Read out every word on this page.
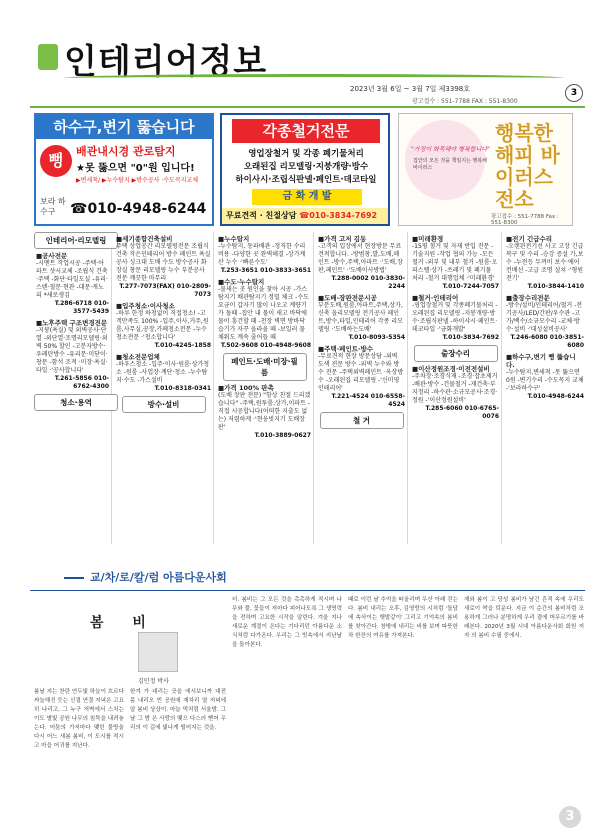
인테리어정보
2023년 3월 6일 ~ 3월 7일 제3398호
광고접수 : 551-7788 FAX : 551-8300
3
하수구,변기 뚫습니다
뻥	배관내시경 관로탐지
★못 뚫으면 "0"원 입니다!
▶변세척/ ▶누수탐지 ▶방수공사 ·수도꼭지교체
보라 하수구	☎010-4948-6244
각종철거전문
영업장철거 및 각종 폐기물처리
오래된집 리모델링·지붕개량·방수
하이사시·조립식판넬·페인트·데코타일
금 화 개 발
무료견적 · 친절상담 ☎010-3834-7692
"가정이 화목해야 행복합니다"
집안의 모든 것을 책임지는 행복해바이러스
행복한 해피 바이러스 전소
광고접수 : 551-7788 Fax : 551-8300
인테리어·리모델링
■공사전문
-시멘트 작업시공 -주택·아파트 샷시교체 -조립식 건축·주택 -화단·타일도실 -유리·스텐·철문·현관 -대문·캐노피 *새로생김
T.286-6718 010-3577-5439
■노후주택 구조변경전문
-지붕(욕실) 및 외벽공사·단열 -외단열·조명리모델링·외벽 50% 할인 -고분자방수·우레탄방수 -유리문·미닫이·창문 -함석 조적 ·미장·욕실·타일 ·'공사합니다'
T.261-5856 010-6762-4300
청소·용역
■세기종합건축설비
주택 상업공간 리모델링전문 조립식건축 작은인테리어 방수 페인트 욕실공사 싱크대 도배 수도 방수공사 화장실 창문 리모델링 누수 부분공사 전문 깨끗한 마무리
T.277-7073(FAX) 010-2809-7073
■입주청소·이사청소
-하루 한정 하청없이 직접청소! -고객만족도 100% -입주,이사,거주,원룸,사무실,공장,카페청소전문 -누수청소전문 ·'청소합니다'
T.010-4245-1858
■청소전문업체
-하우스청소 -입주·이사·원룸·상가청소 -원룸 -사업장·계단·청소 -누수탐지·수도 -가스설비
T.010-8318-0341
방수·설비
■누수탐지
-누수탐지, 동파배관 -정직한 수리비용 -다양한 곳 완벽해결 -상가계산 누수 ·'빠른수도'
T.253-3651 010-3833-3651
■수도·누수탐지
-물새는 곳 원인을 찾아 시공 -가스탐지기 배관탐지기 정밀 체크 -수도요금이 갑자기 많이 나오고 계량기가 돌때 -집안 내 물이 새고 바닥에 물이 흥건할 때 -천장 벽면 방바닥 습기가 자꾸 올라올 때 -보일러 물 채워도 계속 줄어들 때
T.502-9608 010-4948-9608
페인트·도배·미장·필름
■가격 100% 판촉
(도배 장판 전문) "항상 친절 드리겠습니다" -주택,원투룸,상가,이파트 -직접 시공합니다(어떠한 지출도 없는) 저렴하게 ·'현웅빗지기 도배장판'
T.010-3889-0627
■가격 고저 김동
-고객의 입장에서 현장방문 무료견적합니다. -방범창,발,도배,페인트 -방수,주택,아파트 ·'도배,장판,페인트' ·'도배이사방법'
T.288-0002 010-3830-2244
■도배·장판전문시공
부분도배,원룸,아파트,주택,상가, 신축 올리모델링 전기공사 페인트,방수,타일,인테리어 각종 리모델링 ·'도배하는도배'
T.010-8093-5354
■주택·페인트·방수
-무료견적 현장 방문상담 -외벽 도색 전문 방수 -외벽 누수와 방수 전문 -주택외벽페인트 ·옥상방수 -오래된집 리모델링 -'신미영인테리어'
T.221-4524 010-6558-4524
철 거
■미래환경
-15평 철거 및 자재 반입 전문 -기술지원 -작업 협의 가능 -모든 철거 -외부 및 내부 철거 -원룸·오피스텔·상가 -쓰레기 및 폐기물 처리 -철거 대행업체 ·'미래환경'
T.010-7244-7057
■철거·인테리어
-영업장철거 및 각종폐기물처리 -오래된집 리모델링 -지붕개량·방수·조립식판넬 -하이샤시·페인트·데코타일 ·'금화개발'
T.010-3834-7692
출장수리
■이산정원조경·이전전설비
-주차장·조경식재 -조경·잡초제거 -배관·방수 -건물철거 -재건축·부지정리 -하수관·소규모공사·조경·정원 -'이산정원설비'
T.285-6060 010-6765-0076
■전기 긴급수리
-오랜된전기선 사고 고장 긴급복구 및 수리 -승강 증설 가,보수 -누전등 두꺼비 보수·에어컨배선 -고급 조명 설치 ·'형원전기'
T.010-3844-1410
■출장수리전문
-방수/설비/인테리어/철거 -전기공사/LED/간판/우수관 -고가/백수/소규모수리 -교체·방수·설비 ·'대성설비공사'
T.246-6080 010-3851-6080
■하수구,변기 뻥 뚫습니다.
-누수탐지,변세척 -못 뚫으면 0원 -변기수리 -수도꼭지 교체 -'보라하수구'
T.010-4948-6244
교/차/로/칼/럼 아름다운사회
봄 비
김민정 박사
봄날 지는 찬란 연두빛 하늘이 흐르다 싸늘해진 듯는 신결 연결 저녁은 고요히 나리고, 그 누구 저벽에서 스치는 이도 별빛 공원 나무의 침묵을 내려놓는다. 어둠의 가지마다 맺힌 물방울 다시 어느 새봄 봄비, 이 도시를 적시고 마을 어귀를 지난다.
한겨 가 대리는 곳을 에서보니까 대전 몸 내리오 빈 공원에 재차리 열 저녁에 알 봄비 상상이. 마늘 먹처럼 서울밤. 그날 그 밤 은 사랑의 맺으 다스러 뻗어 우리의 이 길에 빛나게 떨어지는 것을.
더. 봄비는 그 모든 것을 촉촉하게 적시며 나무와 풀, 꽃들이 저마다 피어나도록 그 생명력을 전하며 고요한 시작을 알린다. 겨울 지나 새로운 계절이 온다는 기다리던 아름다운 소식처럼 다가온다. 우리는 그 빗속에서 지난날을 돌아본다.
때로 이런 날 추억을 떠올리며 우산 아래 걷는다. 봄비 내리는 오후, 김영랑의 시처럼 '돌담에 속삭이는 햇발같이' 그리고 기억속의 봄비를 찾아간다. 창밖에 내리는 비를 보며 따뜻한 차 한잔의 여유를 가져본다.
재와 봄이 고 당성 봄비가 남긴 흔적 속에 우리도 새로이 싹을 틔운다. 지금 이 순간의 봄비처럼 조용하게 그러나 분명하게 우리 곁에 머무르기를 바래본다. 2020년 3월 시대 아름다운사회 회원 저자 의 봄비 수필 중에서.
3
